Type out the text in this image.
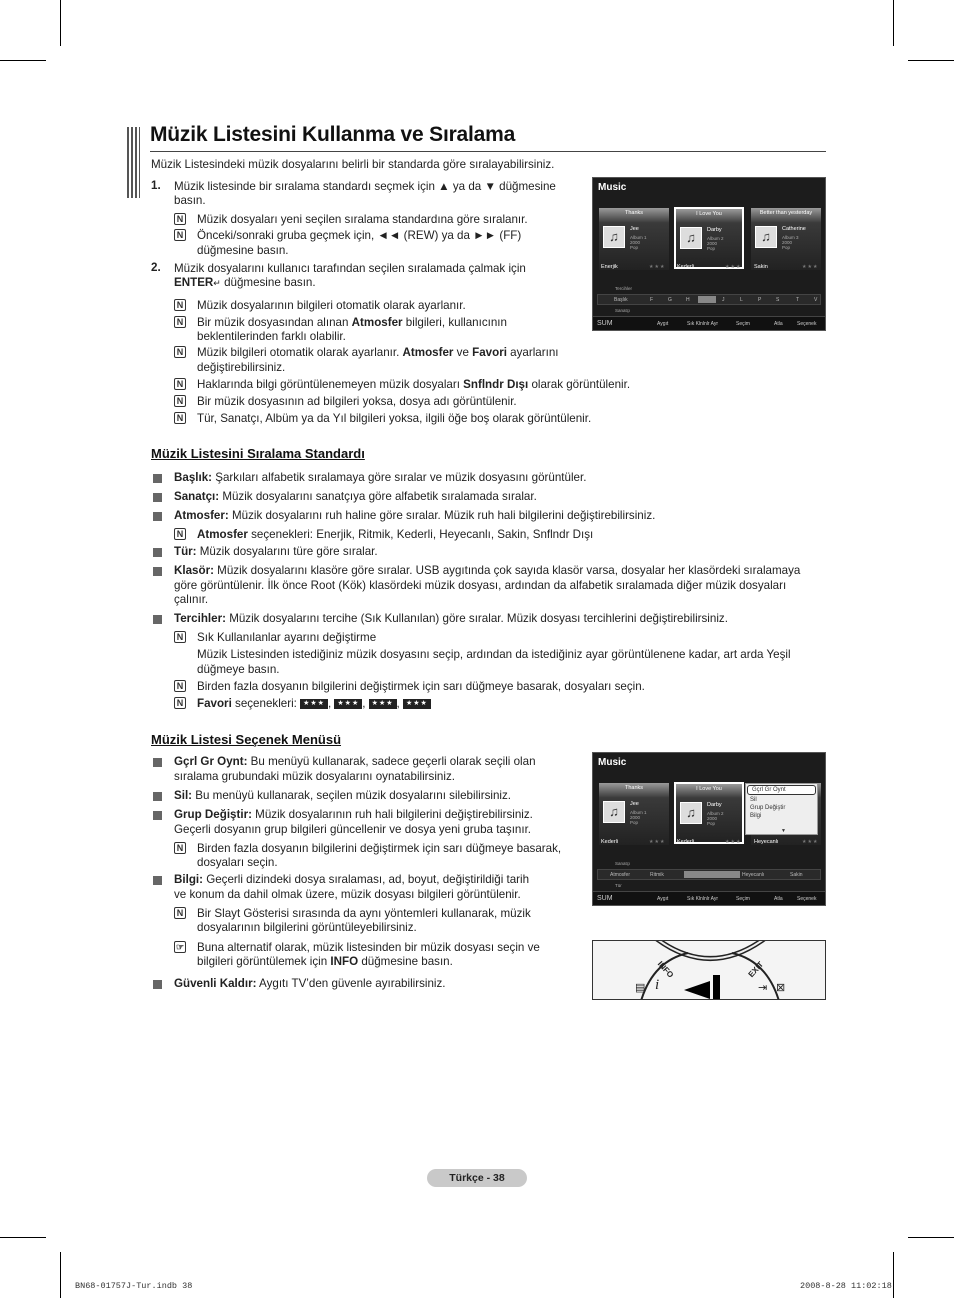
Müzik Listesini Kullanma ve Sıralama
Müzik Listesindeki müzik dosyalarını belirli bir standarda göre sıralayabilirsiniz.
1. Müzik listesinde bir sıralama standardı seçmek için ▲ ya da ▼ düğmesine
basın.
N Müzik dosyaları yeni seçilen sıralama standardına göre sıralanır.
N Önceki/sonraki gruba geçmek için, ◄◄ (REW) ya da ►► (FF)
düğmesine basın.
2. Müzik dosyalarını kullanıcı tarafından seçilen sıralamada çalmak için
ENTER↵ düğmesine basın.
N Müzik dosyalarının bilgileri otomatik olarak ayarlanır.
N Bir müzik dosyasından alınan Atmosfer bilgileri, kullanıcının
beklentilerinden farklı olabilir.
N Müzik bilgileri otomatik olarak ayarlanır. Atmosfer ve Favori ayarlarını
değiştirebilirsiniz.
N Haklarında bilgi görüntülenemeyen müzik dosyaları Snflndr Dışı olarak görüntülenir.
N Bir müzik dosyasının ad bilgileri yoksa, dosya adı görüntülenir.
N Tür, Sanatçı, Albüm ya da Yıl bilgileri yoksa, ilgili öğe boş olarak görüntülenir.
Music
Thanks
♫	Jee
Album 1
2000
Pop
I Love You
♫	Darby
Album 2
2000
Pop
Better than yesterday
♫	Catherine
Album 3
2000
Pop
Enerjik	★★★ Kederli	★★★ Sakin	★★★
Tercihler
Başlık	F	G	H	J	L	P	S	T	V
Sanatçı
SUM	Aygıt	Sık Klnlnlr Ayr	Seçim	Atla	Seçenek
Müzik Listesini Sıralama Standardı
Başlık: Şarkıları alfabetik sıralamaya göre sıralar ve müzik dosyasını görüntüler.
Sanatçı: Müzik dosyalarını sanatçıya göre alfabetik sıralamada sıralar.
Atmosfer: Müzik dosyalarını ruh haline göre sıralar. Müzik ruh hali bilgilerini değiştirebilirsiniz.
N Atmosfer seçenekleri: Enerjik, Ritmik, Kederli, Heyecanlı, Sakin, Snflndr Dışı
Tür: Müzik dosyalarını türe göre sıralar.
Klasör: Müzik dosyalarını klasöre göre sıralar. USB aygıtında çok sayıda klasör varsa, dosyalar her klasördeki sıralamaya
göre görüntülenir. İlk önce Root (Kök) klasördeki müzik dosyası, ardından da alfabetik sıralamada diğer müzik dosyaları
çalınır.
Tercihler: Müzik dosyalarını tercihe (Sık Kullanılan) göre sıralar. Müzik dosyası tercihlerini değiştirebilirsiniz.
N Sık Kullanılanlar ayarını değiştirme
Müzik Listesinden istediğiniz müzik dosyasını seçip, ardından da istediğiniz ayar görüntülenene kadar, art arda Yeşil
düğmeye basın.
N Birden fazla dosyanın bilgilerini değiştirmek için sarı düğmeye basarak, dosyaları seçin.
N Favori seçenekleri: ★★★ , ★★★ , ★★★ , ★★★
Müzik Listesi Seçenek Menüsü
Gçrl Gr Oynt: Bu menüyü kullanarak, sadece geçerli olarak seçili olan
sıralama grubundaki müzik dosyalarını oynatabilirsiniz.
Sil: Bu menüyü kullanarak, seçilen müzik dosyalarını silebilirsiniz.
Grup Değiştir: Müzik dosyalarının ruh hali bilgilerini değiştirebilirsiniz.
Geçerli dosyanın grup bilgileri güncellenir ve dosya yeni gruba taşınır.
N Birden fazla dosyanın bilgilerini değiştirmek için sarı düğmeye basarak,
dosyaları seçin.
Bilgi: Geçerli dizindeki dosya sıralaması, ad, boyut, değiştirildiği tarih
ve konum da dahil olmak üzere, müzik dosyası bilgileri görüntülenir.
N Bir Slayt Gösterisi sırasında da aynı yöntemleri kullanarak, müzik
dosyalarının bilgilerini görüntüleyebilirsiniz.
☞ Buna alternatif olarak, müzik listesinden bir müzik dosyası seçin ve
bilgileri görüntülemek için INFO düğmesine basın.
Güvenli Kaldır: Aygıtı TV’den güvenle ayırabilirsiniz.
Music
Thanks
♫	Jee
Album 1
2000
Pop
I Love You
♫	Darby
Album 2
2000
Pop
Gçrl Gr Oynt
Sil
Grup Değiştir
Bilgi
▼
Kederli	★★★ Kederli	★★★ Heyecanlı	★★★
Sanatçı
Atmosfer	Ritmik	Heyecanlı	Sakin
Tür
SUM	Aygıt	Sık Klnlnlr Ayr	Seçim	Atla	Seçenek
INFO	EXIT
i
▤	⇥ ⊠
Türkçe - 38
BN68-01757J-Tur.indb 38	2008-8-28 11:02:18
